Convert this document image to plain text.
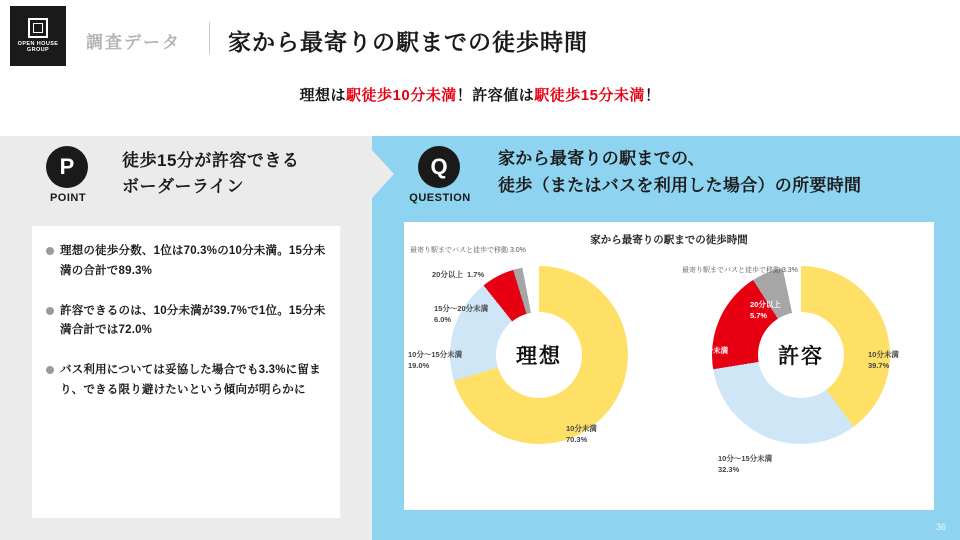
OPEN HOUSE GROUP	調査データ 家から最寄りの駅までの徒歩時間
理想は駅徒歩10分未満！許容値は駅徒歩15分未満！
P
POINT
徒歩15分が許容できる
ボーダーライン
理想の徒歩分数、1位は70.3%の10分未満。15分未満の合計で89.3%
許容できるのは、10分未満が39.7%で1位。15分未満合計では72.0%
バス利用については妥協した場合でも3.3%に留まり、できる限り避けたいという傾向が明らかに
Q
QUESTION
家から最寄りの駅までの、
徒歩（またはバスを利用した場合）の所要時間
家から最寄りの駅までの徒歩時間
理想
最寄り駅までバスと徒歩で移動 3.0%
20分以上 1.7%
15分〜20分未満
6.0%
10分〜15分未満
19.0%
10分未満
70.3%
許容
最寄り駅までバスと徒歩で移動 3.3%
20分以上
5.7%
15分〜20分未満
18.4%
10分未満
39.7%
10分〜15分未満
32.3%
36
